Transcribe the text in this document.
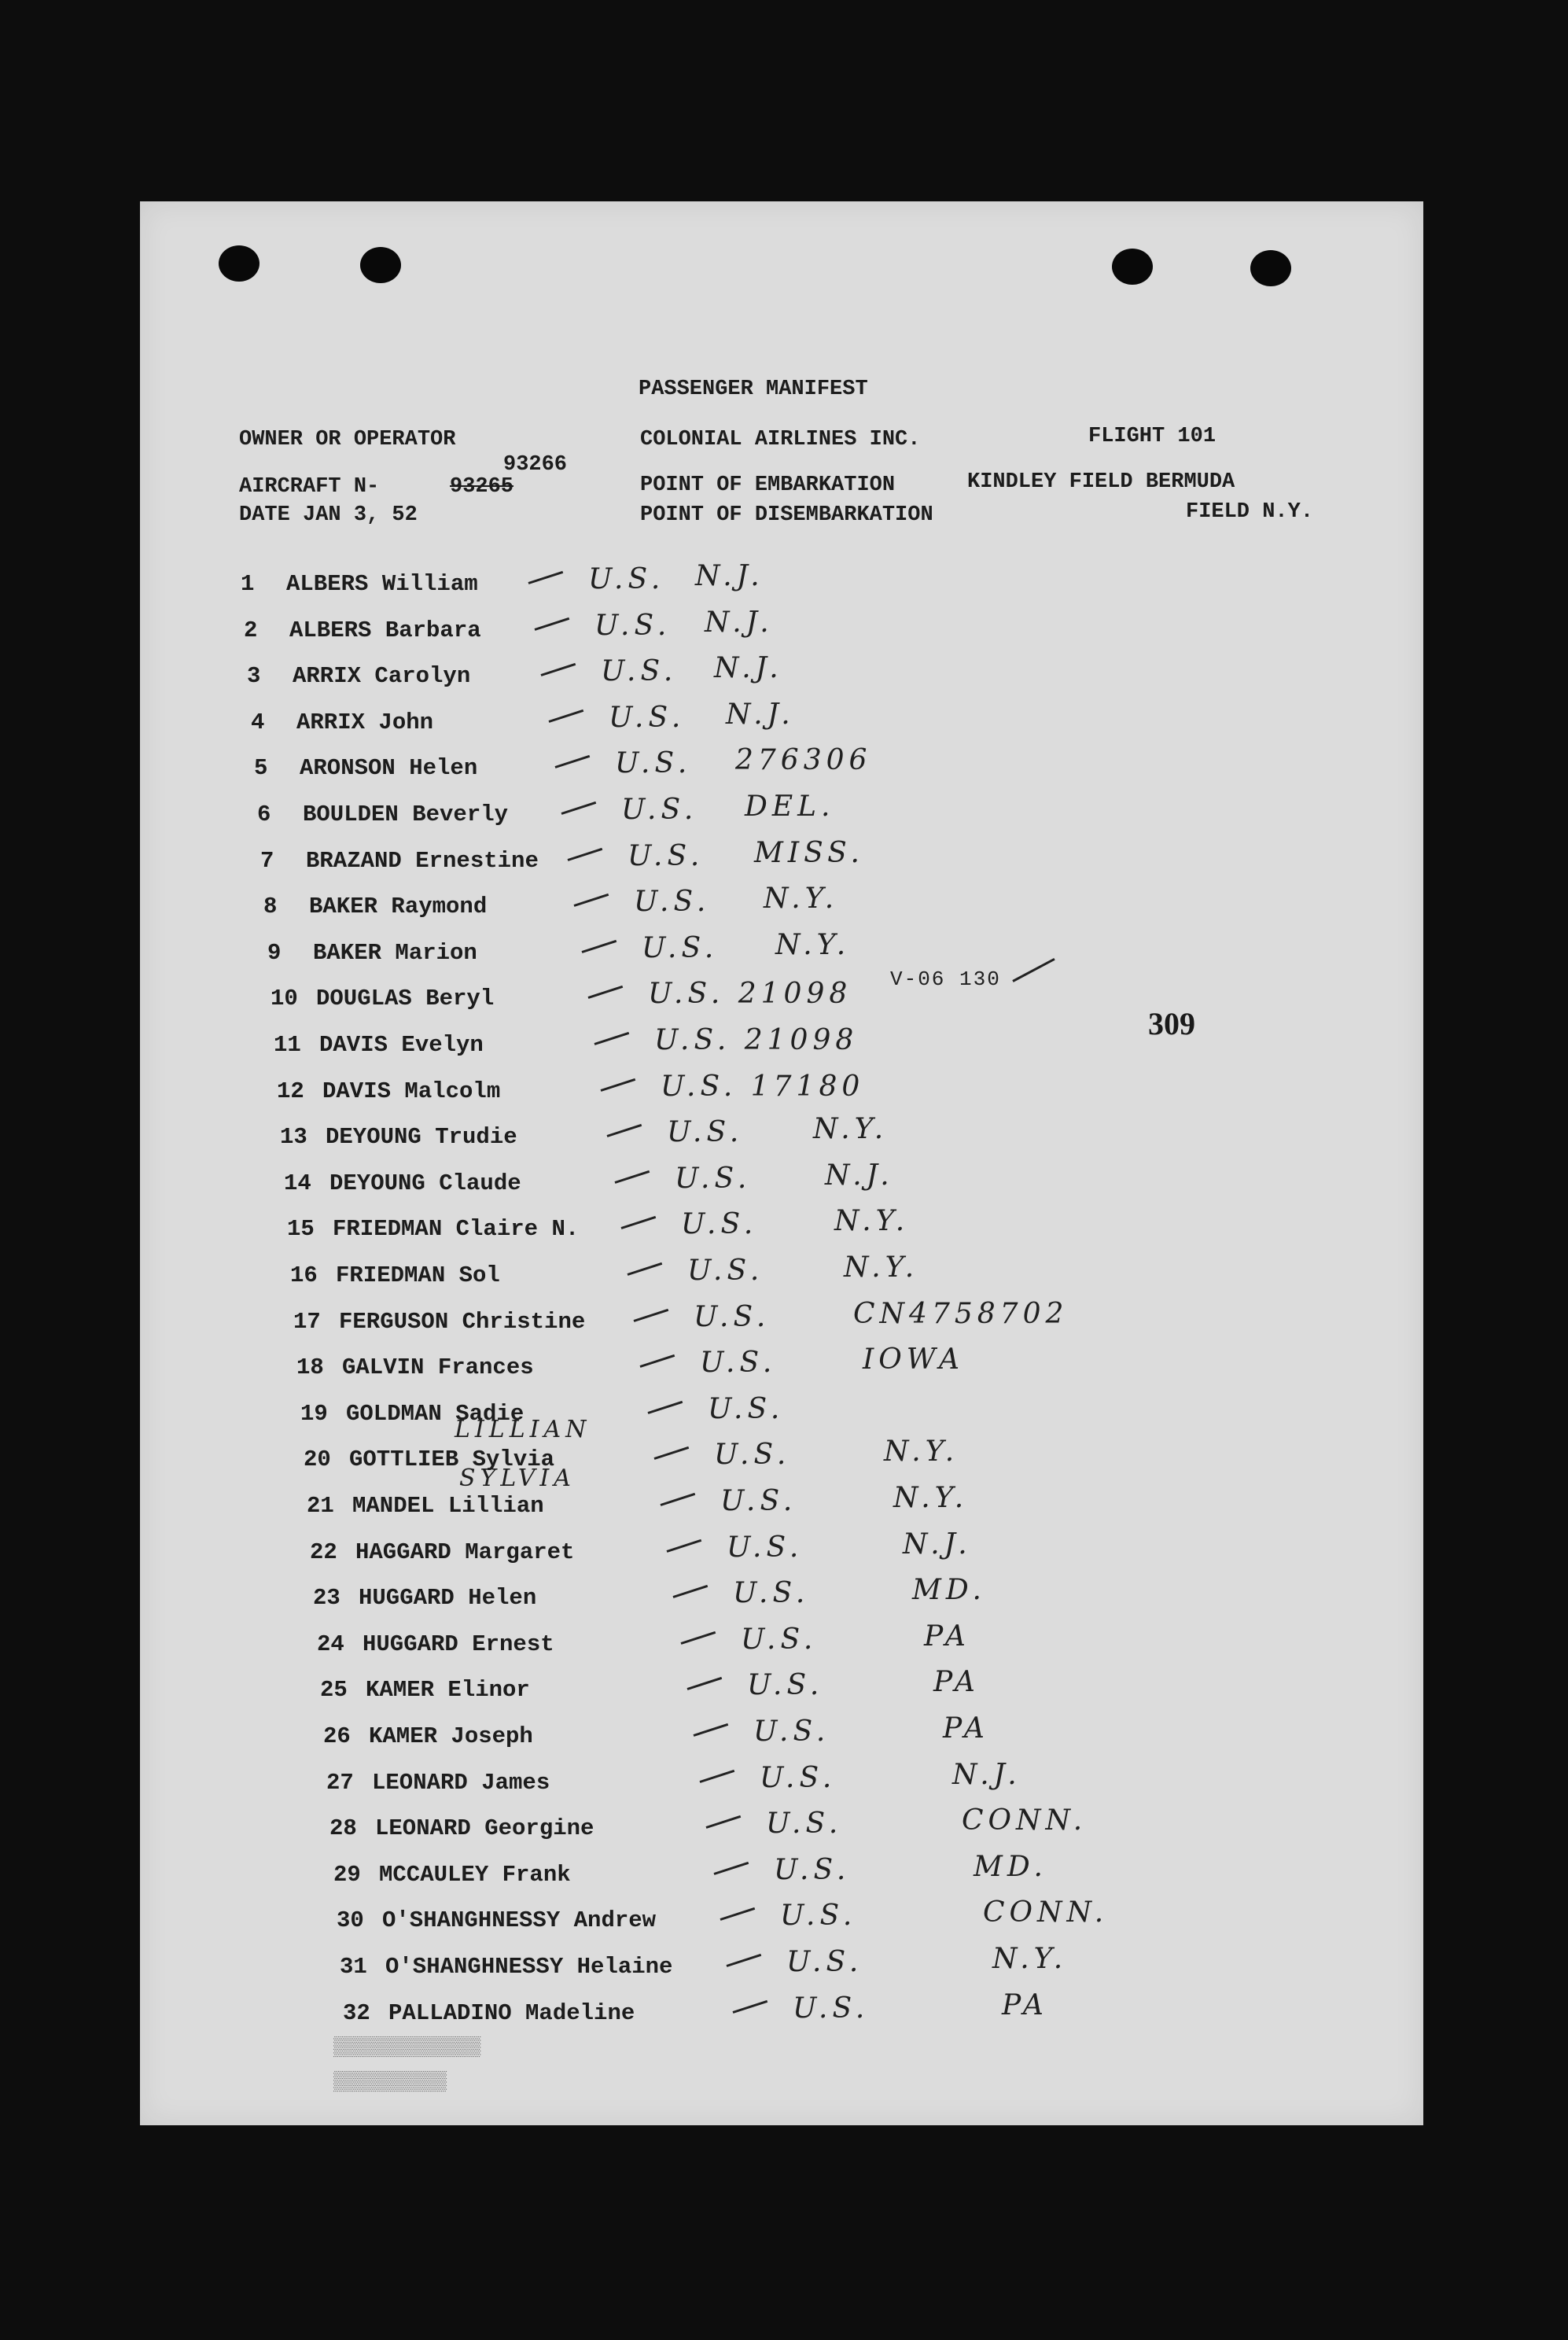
PASSENGER MANIFEST
OWNER OR OPERATOR	COLONIAL AIRLINES INC.	FLIGHT 101
93266
AIRCRAFT N-	93265	POINT OF EMBARKATION	KINDLEY FIELD BERMUDA
DATE JAN 3, 52	POINT OF DISEMBARKATION	FIELD N.Y.
309
V-06 130
LILLIAN
SYLVIA
1 ALBERS William	U.S. N.J.
2 ALBERS Barbara	U.S. N.J.
3 ARRIX Carolyn	U.S. N.J.
4 ARRIX John	U.S. N.J.
5 ARONSON Helen	U.S. 276306
6 BOULDEN Beverly	U.S. DEL.
7 BRAZAND Ernestine	U.S. MISS.
8 BAKER Raymond	U.S. N.Y.
9 BAKER Marion	U.S. N.Y.
10 DOUGLAS Beryl	U.S. 21098
11 DAVIS Evelyn	U.S. 21098
12 DAVIS Malcolm	U.S. 17180
13 DEYOUNG Trudie	U.S. N.Y.
14 DEYOUNG Claude	U.S.	N.J.
15 FRIEDMAN Claire N.	U.S.	N.Y.
16 FRIEDMAN Sol	U.S.	N.Y.
17 FERGUSON Christine	U.S.	CN4758702
18 GALVIN Frances	U.S.	IOWA
19 GOLDMAN Sadie	U.S.
20 GOTTLIEB Sylvia	U.S.	N.Y.
21 MANDEL Lillian	U.S.	N.Y.
22 HAGGARD Margaret	U.S.	N.J.
23 HUGGARD Helen	U.S.	MD.
24 HUGGARD Ernest	U.S.	PA
25 KAMER Elinor	U.S.	PA
26 KAMER Joseph	U.S.	PA
27 LEONARD James	U.S.	N.J.
28 LEONARD Georgine	U.S.	CONN.
29 MCCAULEY Frank	U.S.	MD.
30 O'SHANGHNESSY Andrew	U.S.	CONN.
31 O'SHANGHNESSY Helaine	U.S.	N.Y.
32 PALLADINO Madeline	U.S.	PA
▒▒▒▒▒▒▒▒▒▒▒▒▒
▒▒▒▒▒▒▒▒▒▒
